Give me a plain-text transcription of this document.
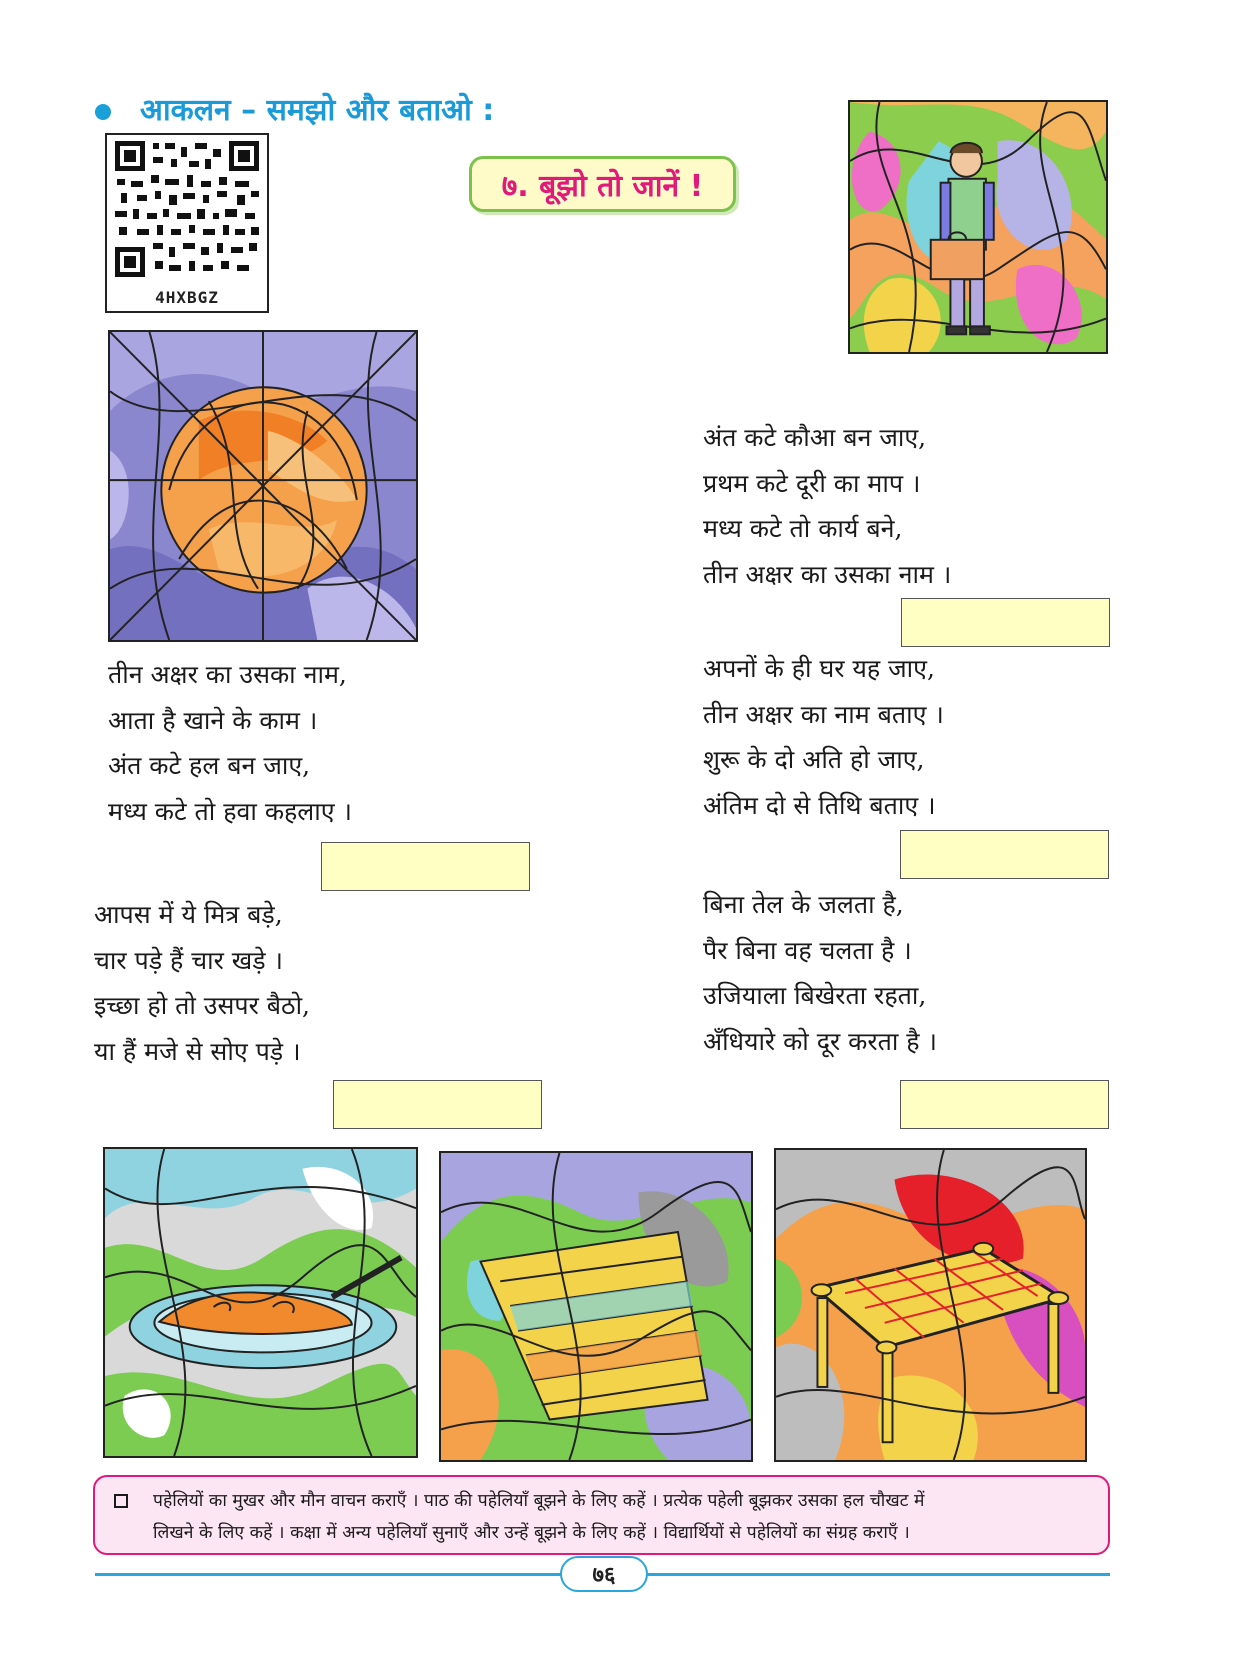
आकलन – समझो और बताओ :
4HXBGZ
७. बूझो तो जानें !
तीन अक्षर का उसका नाम,
आता है खाने के काम ।
अंत कटे हल बन जाए,
मध्य कटे तो हवा कहलाए ।
आपस में ये मित्र बड़े,
चार पड़े हैं चार खड़े ।
इच्छा हो तो उसपर बैठो,
या हैं मजे से सोए पड़े ।
अंत कटे कौआ बन जाए,
प्रथम कटे दूरी का माप ।
मध्य कटे तो कार्य बने,
तीन अक्षर का उसका नाम ।
अपनों के ही घर यह जाए,
तीन अक्षर का नाम बताए ।
शुरू के दो अति हो जाए,
अंतिम दो से तिथि बताए ।
बिना तेल के जलता है,
पैर बिना वह चलता है ।
उजियाला बिखेरता रहता,
अँधियारे को दूर करता है ।
पहेलियों का मुखर और मौन वाचन कराएँ । पाठ की पहेलियाँ बूझने के लिए कहें । प्रत्येक पहेली बूझकर उसका हल चौखट में
लिखने के लिए कहें । कक्षा में अन्य पहेलियाँ सुनाएँ और उन्हें बूझने के लिए कहें । विद्यार्थियों से पहेलियों का संग्रह कराएँ ।
७६
